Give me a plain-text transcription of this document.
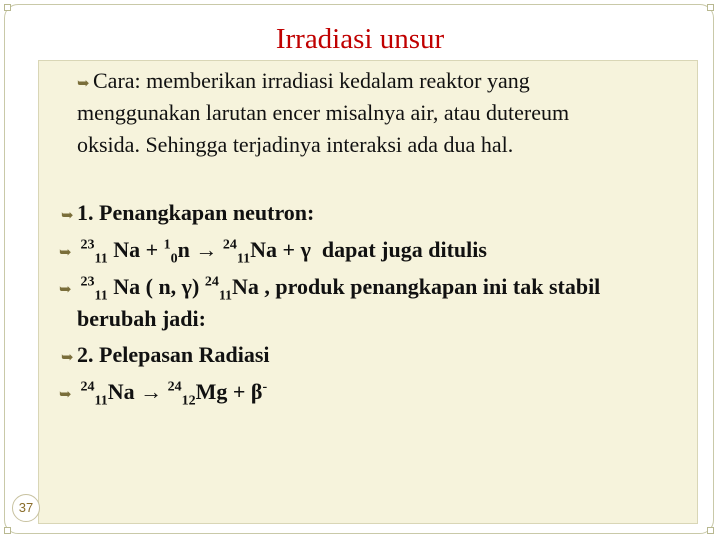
Irradiasi unsur
➥ Cara: memberikan irradiasi kedalam reaktor yang
menggunakan larutan encer misalnya air, atau dutereum
oksida. Sehingga terjadinya interaksi ada dua hal.
➥ 1. Penangkapan neutron:
➥ $^{23}_{11}$ Na + $^1_0$n → $^{24}_{11}$Na + γ dapat juga ditulis
➥ $^{23}_{11}$ Na ( n, γ) $^{24}_{11}$Na , produk penangkapan ini tak stabil
berubah jadi:
➥ 2. Pelepasan Radiasi
➥ $^{24}_{11}$Na → $^{24}_{12}$Mg + β-
37
